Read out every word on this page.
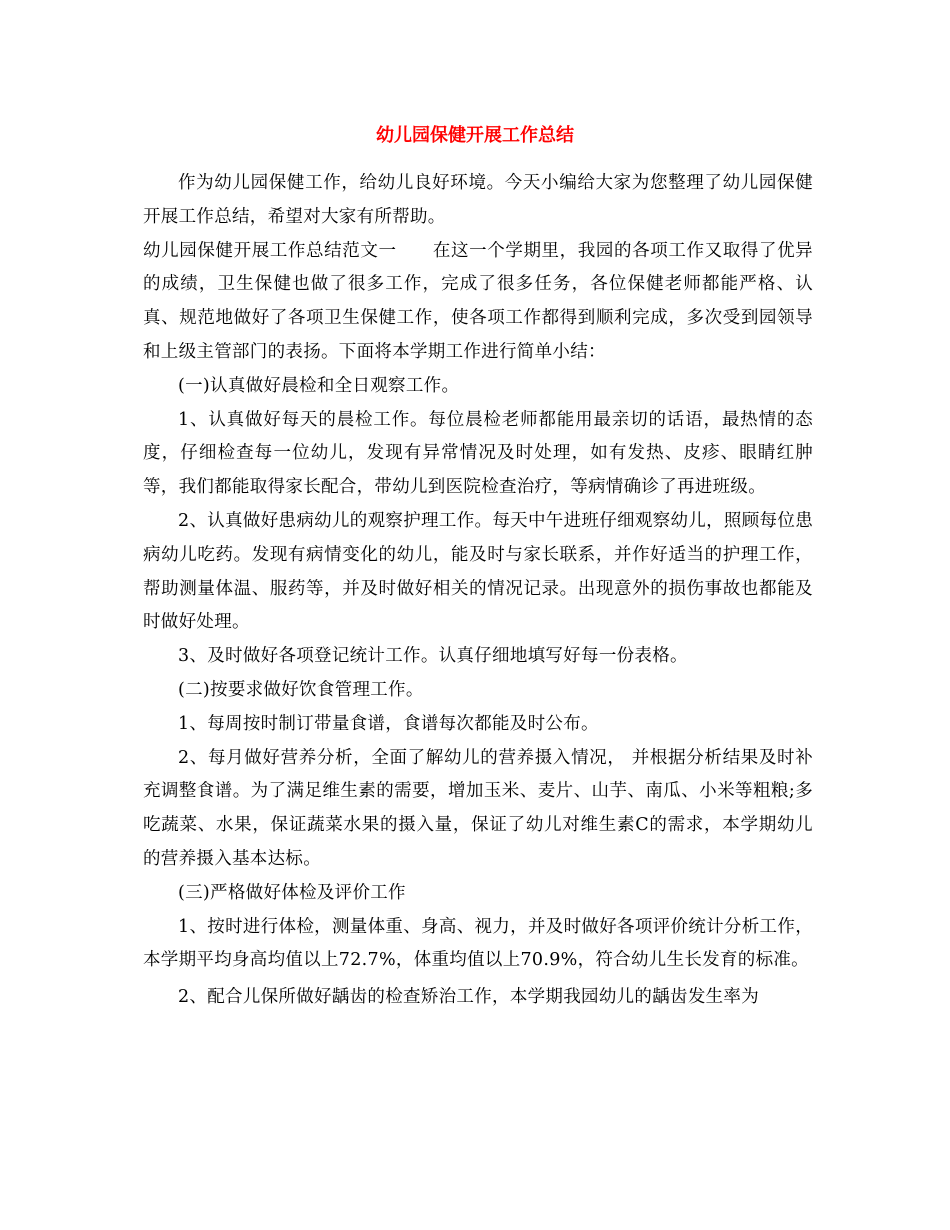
幼儿园保健开展工作总结

作为幼儿园保健工作，给幼儿良好环境。今天小编给大家为您整理了幼儿园保健开展工作总结，希望对大家有所帮助。

幼儿园保健开展工作总结范文一　　在这一个学期里，我园的各项工作又取得了优异的成绩，卫生保健也做了很多工作，完成了很多任务，各位保健老师都能严格、认真、规范地做好了各项卫生保健工作，使各项工作都得到顺利完成，多次受到园领导和上级主管部门的表扬。下面将本学期工作进行简单小结：

(一)认真做好晨检和全日观察工作。

1、认真做好每天的晨检工作。每位晨检老师都能用最亲切的话语，最热情的态度，仔细检查每一位幼儿，发现有异常情况及时处理，如有发热、皮疹、眼睛红肿等，我们都能取得家长配合，带幼儿到医院检查治疗，等病情确诊了再进班级。

2、认真做好患病幼儿的观察护理工作。每天中午进班仔细观察幼儿，照顾每位患病幼儿吃药。发现有病情变化的幼儿，能及时与家长联系，并作好适当的护理工作，帮助测量体温、服药等，并及时做好相关的情况记录。出现意外的损伤事故也都能及时做好处理。

3、及时做好各项登记统计工作。认真仔细地填写好每一份表格。

(二)按要求做好饮食管理工作。

1、每周按时制订带量食谱，食谱每次都能及时公布。

2、每月做好营养分析，全面了解幼儿的营养摄入情况， 并根据分析结果及时补充调整食谱。为了满足维生素的需要，增加玉米、麦片、山芋、南瓜、小米等粗粮;多吃蔬菜、水果，保证蔬菜水果的摄入量，保证了幼儿对维生素C的需求，本学期幼儿的营养摄入基本达标。

(三)严格做好体检及评价工作

1、按时进行体检，测量体重、身高、视力，并及时做好各项评价统计分析工作，本学期平均身高均值以上72.7%，体重均值以上70.9%，符合幼儿生长发育的标准。

2、配合儿保所做好龋齿的检查矫治工作，本学期我园幼儿的龋齿发生率为
